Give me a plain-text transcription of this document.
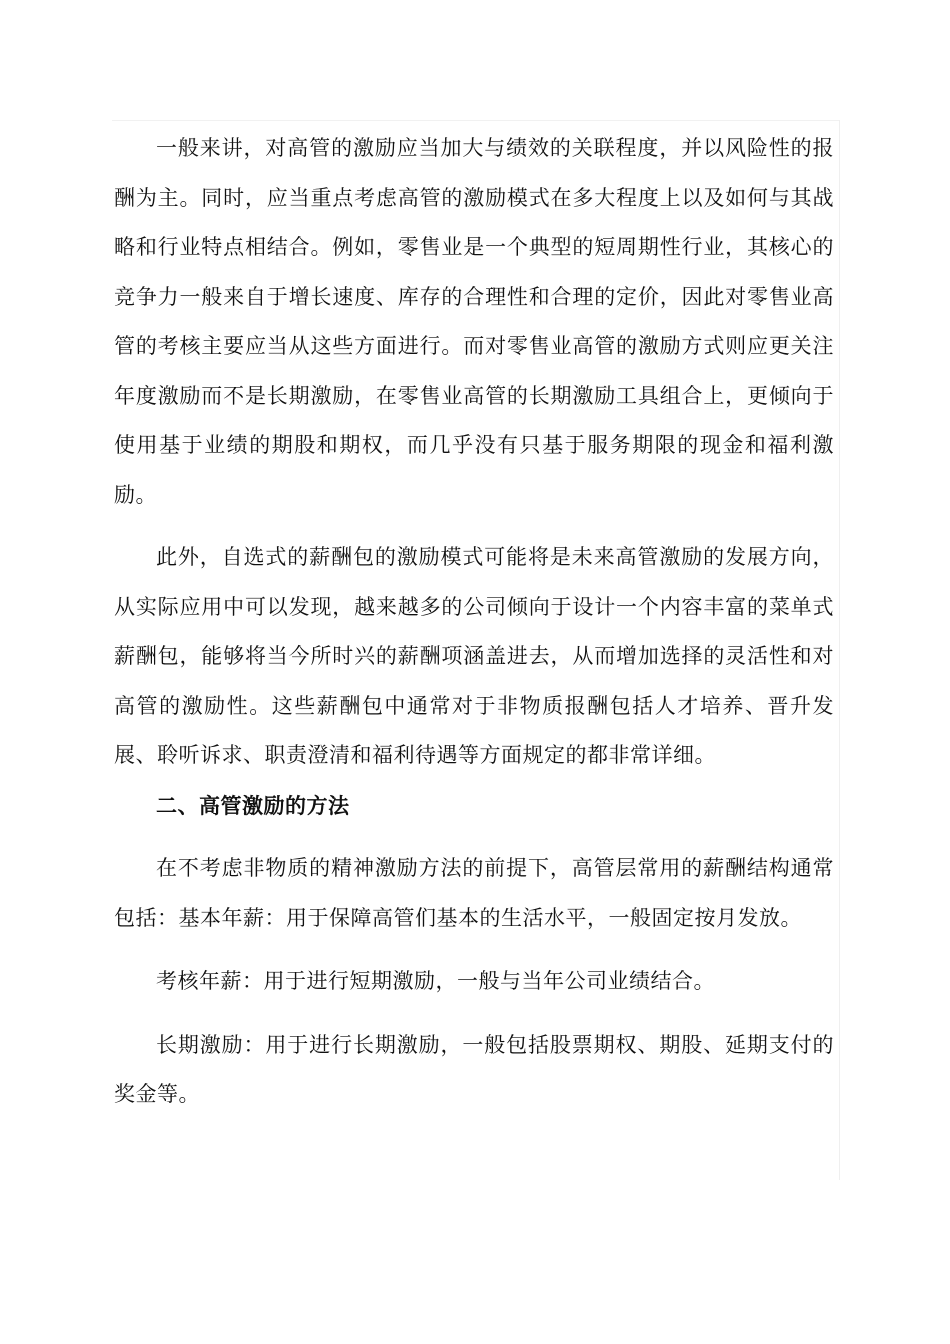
一般来讲，对高管的激励应当加大与绩效的关联程度，并以风险性的报酬为主。同时，应当重点考虑高管的激励模式在多大程度上以及如何与其战略和行业特点相结合。例如，零售业是一个典型的短周期性行业，其核心的竞争力一般来自于增长速度、库存的合理性和合理的定价，因此对零售业高管的考核主要应当从这些方面进行。而对零售业高管的激励方式则应更关注年度激励而不是长期激励，在零售业高管的长期激励工具组合上，更倾向于使用基于业绩的期股和期权，而几乎没有只基于服务期限的现金和福利激励。

此外，自选式的薪酬包的激励模式可能将是未来高管激励的发展方向，从实际应用中可以发现，越来越多的公司倾向于设计一个内容丰富的菜单式薪酬包，能够将当今所时兴的薪酬项涵盖进去，从而增加选择的灵活性和对高管的激励性。这些薪酬包中通常对于非物质报酬包括人才培养、晋升发展、聆听诉求、职责澄清和福利待遇等方面规定的都非常详细。

二、高管激励的方法

在不考虑非物质的精神激励方法的前提下，高管层常用的薪酬结构通常包括：基本年薪：用于保障高管们基本的生活水平，一般固定按月发放。

考核年薪：用于进行短期激励，一般与当年公司业绩结合。

长期激励：用于进行长期激励，一般包括股票期权、期股、延期支付的奖金等。
